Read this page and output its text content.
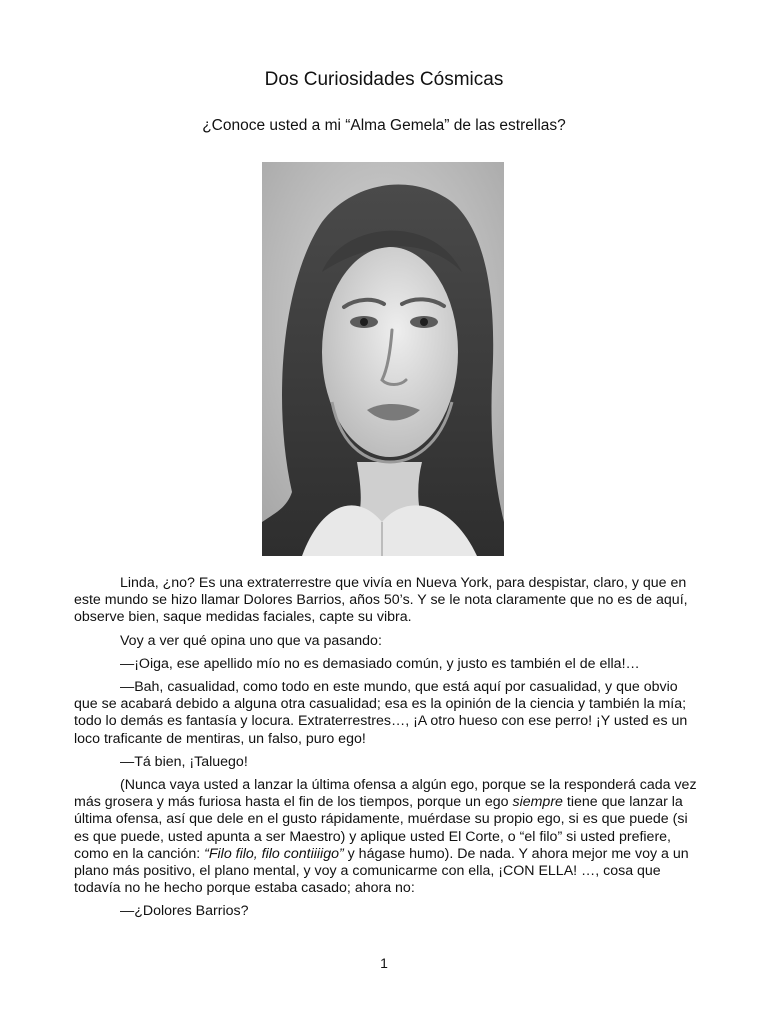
Dos Curiosidades Cósmicas
¿Conoce usted a mi “Alma Gemela” de las estrellas?

Linda, ¿no? Es una extraterrestre que vivía en Nueva York, para despistar, claro, y que en este mundo se hizo llamar Dolores Barrios, años 50’s. Y se le nota claramente que no es de aquí, observe bien, saque medidas faciales, capte su vibra.

Voy a ver qué opina uno que va pasando:

—¡Oiga, ese apellido mío no es demasiado común, y justo es también el de ella!…

—Bah, casualidad, como todo en este mundo, que está aquí por casualidad, y que obvio que se acabará debido a alguna otra casualidad; esa es la opinión de la ciencia y también la mía; todo lo demás es fantasía y locura. Extraterrestres…, ¡A otro hueso con ese perro! ¡Y usted es un loco traficante de mentiras, un falso, puro ego!

—Tá bien, ¡Taluego!

(Nunca vaya usted a lanzar la última ofensa a algún ego, porque se la responderá cada vez más grosera y más furiosa hasta el fin de los tiempos, porque un ego siempre tiene que lanzar la última ofensa, así que dele en el gusto rápidamente, muérdase su propio ego, si es que puede (si es que puede, usted apunta a ser Maestro) y aplique usted El Corte, o “el filo” si usted prefiere, como en la canción: “Filo filo, filo contiiiigo” y hágase humo). De nada. Y ahora mejor me voy a un plano más positivo, el plano mental, y voy a comunicarme con ella, ¡CON ELLA! …, cosa que todavía no he hecho porque estaba casado; ahora no:

—¿Dolores Barrios?

1
